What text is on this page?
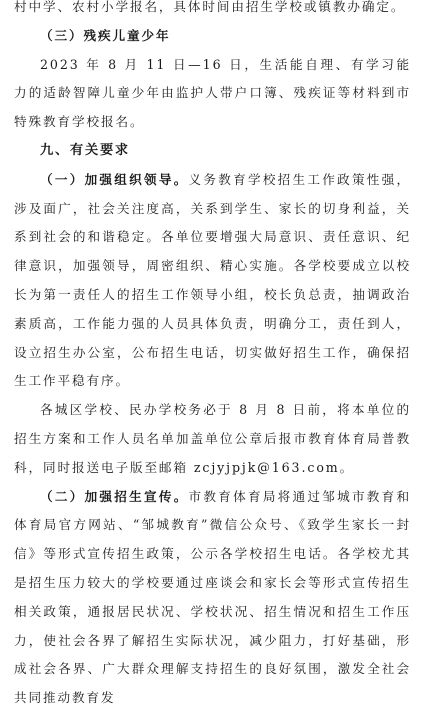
村中学、农村小学报名，具体时间由招生学校或镇教办确定。

（三）残疾儿童少年

2023 年 8 月 11 日—16 日，生活能自理、有学习能力的适龄智障儿童少年由监护人带户口簿、残疾证等材料到市特殊教育学校报名。

九、有关要求

（一）加强组织领导。义务教育学校招生工作政策性强，涉及面广，社会关注度高，关系到学生、家长的切身利益，关系到社会的和谐稳定。各单位要增强大局意识、责任意识、纪律意识，加强领导，周密组织、精心实施。各学校要成立以校长为第一责任人的招生工作领导小组，校长负总责，抽调政治素质高，工作能力强的人员具体负责，明确分工，责任到人，设立招生办公室，公布招生电话，切实做好招生工作，确保招生工作平稳有序。

各城区学校、民办学校务必于 8 月 8 日前，将本单位的招生方案和工作人员名单加盖单位公章后报市教育体育局普教科，同时报送电子版至邮箱 zcjyjpjk@163.com。

（二）加强招生宣传。市教育体育局将通过邹城市教育和体育局官方网站、“邹城教育”微信公众号、《致学生家长一封信》等形式宣传招生政策，公示各学校招生电话。各学校尤其是招生压力较大的学校要通过座谈会和家长会等形式宣传招生相关政策，通报居民状况、学校状况、招生情况和招生工作压力，使社会各界了解招生实际状况，减少阻力，打好基础，形成社会各界、广大群众理解支持招生的良好氛围，激发全社会共同推动教育发
